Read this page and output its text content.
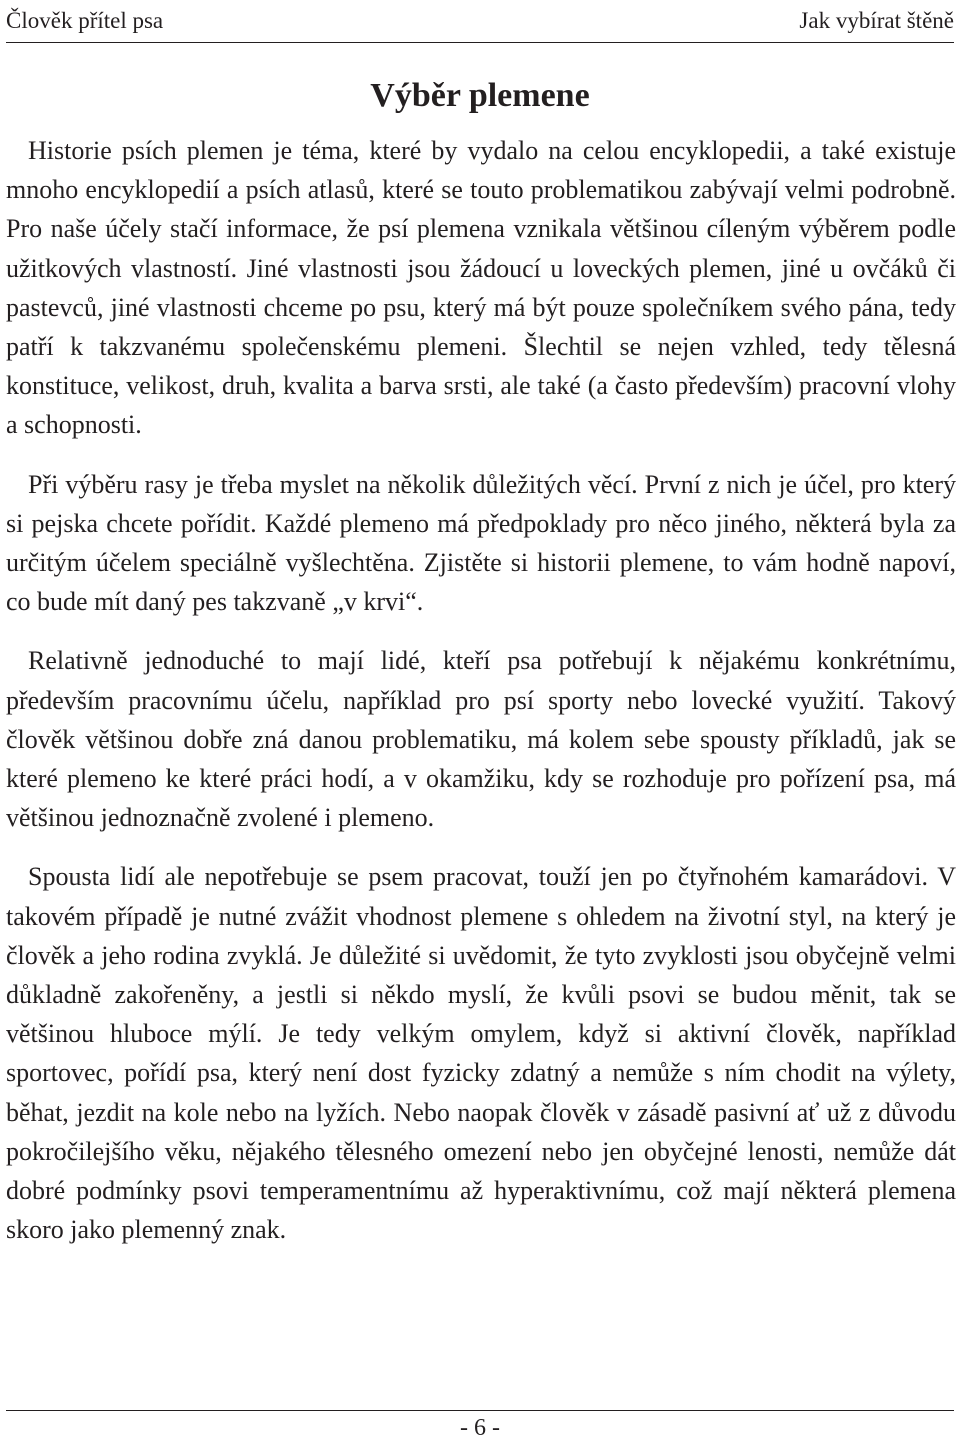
Člověk přítel psa	Jak vybírat štěně
Výběr plemene

Historie psích plemen je téma, které by vydalo na celou encyklopedii, a také existuje mnoho encyklopedií a psích atlasů, které se touto problematikou zabývají velmi podrobně. Pro naše účely stačí informace, že psí plemena vznikala většinou cíleným výběrem podle užitkových vlastností. Jiné vlastnosti jsou žádoucí u loveckých plemen, jiné u ovčáků či pastevců, jiné vlastnosti chceme po psu, který má být pouze společníkem svého pána, tedy patří k takzvanému společenskému plemeni. Šlechtil se nejen vzhled, tedy tělesná konstituce, velikost, druh, kvalita a barva srsti, ale také (a často především) pracovní vlohy a schopnosti.

Při výběru rasy je třeba myslet na několik důležitých věcí. První z nich je účel, pro který si pejska chcete pořídit. Každé plemeno má předpoklady pro něco jiného, některá byla za určitým účelem speciálně vyšlechtěna. Zjistěte si historii plemene, to vám hodně napoví, co bude mít daný pes takzvaně „v krvi“.

Relativně jednoduché to mají lidé, kteří psa potřebují k nějakému konkrétnímu, především pracovnímu účelu, například pro psí sporty nebo lovecké využití. Takový člověk většinou dobře zná danou problematiku, má kolem sebe spousty příkladů, jak se které plemeno ke které práci hodí, a v okamžiku, kdy se rozhoduje pro pořízení psa, má většinou jednoznačně zvolené i plemeno.

Spousta lidí ale nepotřebuje se psem pracovat, touží jen po čtyřnohém kamarádovi. V takovém případě je nutné zvážit vhodnost plemene s ohledem na životní styl, na který je člověk a jeho rodina zvyklá. Je důležité si uvědomit, že tyto zvyklosti jsou obyčejně velmi důkladně zakořeněny, a jestli si někdo myslí, že kvůli psovi se budou měnit, tak se většinou hluboce mýlí. Je tedy velkým omylem, když si aktivní člověk, například sportovec, pořídí psa, který není dost fyzicky zdatný a nemůže s ním chodit na výlety, běhat, jezdit na kole nebo na lyžích. Nebo naopak člověk v zásadě pasivní ať už z důvodu pokročilejšího věku, nějakého tělesného omezení nebo jen obyčejné lenosti, nemůže dát dobré podmínky psovi temperamentnímu až hyperaktivnímu, což mají některá plemena skoro jako plemenný znak.

- 6 -
